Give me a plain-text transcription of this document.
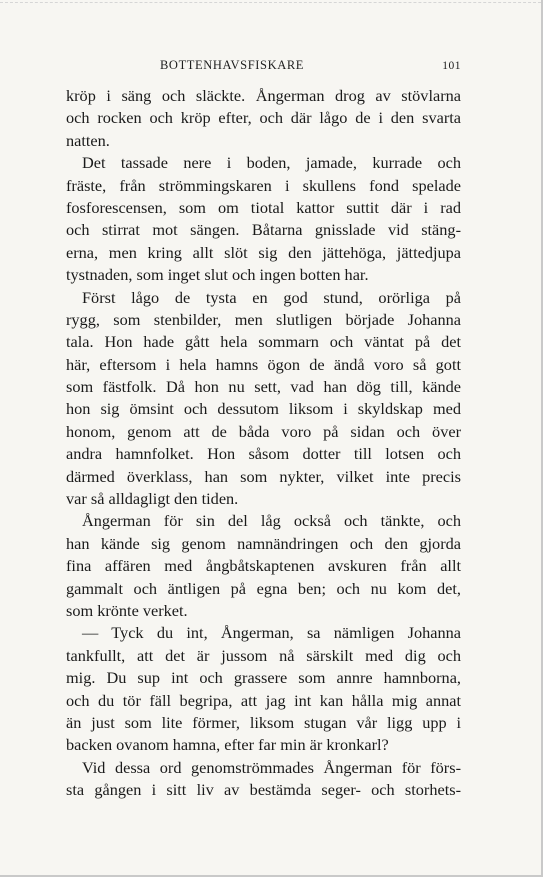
BOTTENHAVSFISKARE	101
kröp i säng och släckte. Ångerman drog av stövlarna
och rocken och kröp efter, och där lågo de i den svarta
natten.
Det tassade nere i boden, jamade, kurrade och
fräste, från strömmingskaren i skullens fond spelade
fosforescensen, som om tiotal kattor suttit där i rad
och stirrat mot sängen. Båtarna gnisslade vid stäng-
erna, men kring allt slöt sig den jättehöga, jättedjupa
tystnaden, som inget slut och ingen botten har.
Först lågo de tysta en god stund, orörliga på
rygg, som stenbilder, men slutligen började Johanna
tala. Hon hade gått hela sommarn och väntat på det
här, eftersom i hela hamns ögon de ändå voro så gott
som fästfolk. Då hon nu sett, vad han dög till, kände
hon sig ömsint och dessutom liksom i skyldskap med
honom, genom att de båda voro på sidan och över
andra hamnfolket. Hon såsom dotter till lotsen och
därmed överklass, han som nykter, vilket inte precis
var så alldagligt den tiden.
Ångerman för sin del låg också och tänkte, och
han kände sig genom namnändringen och den gjorda
fina affären med ångbåtskaptenen avskuren från allt
gammalt och äntligen på egna ben; och nu kom det,
som krönte verket.
— Tyck du int, Ångerman, sa nämligen Johanna
tankfullt, att det är jussom nå särskilt med dig och
mig. Du sup int och grassere som annre hamnborna,
och du tör fäll begripa, att jag int kan hålla mig annat
än just som lite förmer, liksom stugan vår ligg upp i
backen ovanom hamna, efter far min är kronkarl?
Vid dessa ord genomströmmades Ångerman för förs-
sta gången i sitt liv av bestämda seger- och storhets-
